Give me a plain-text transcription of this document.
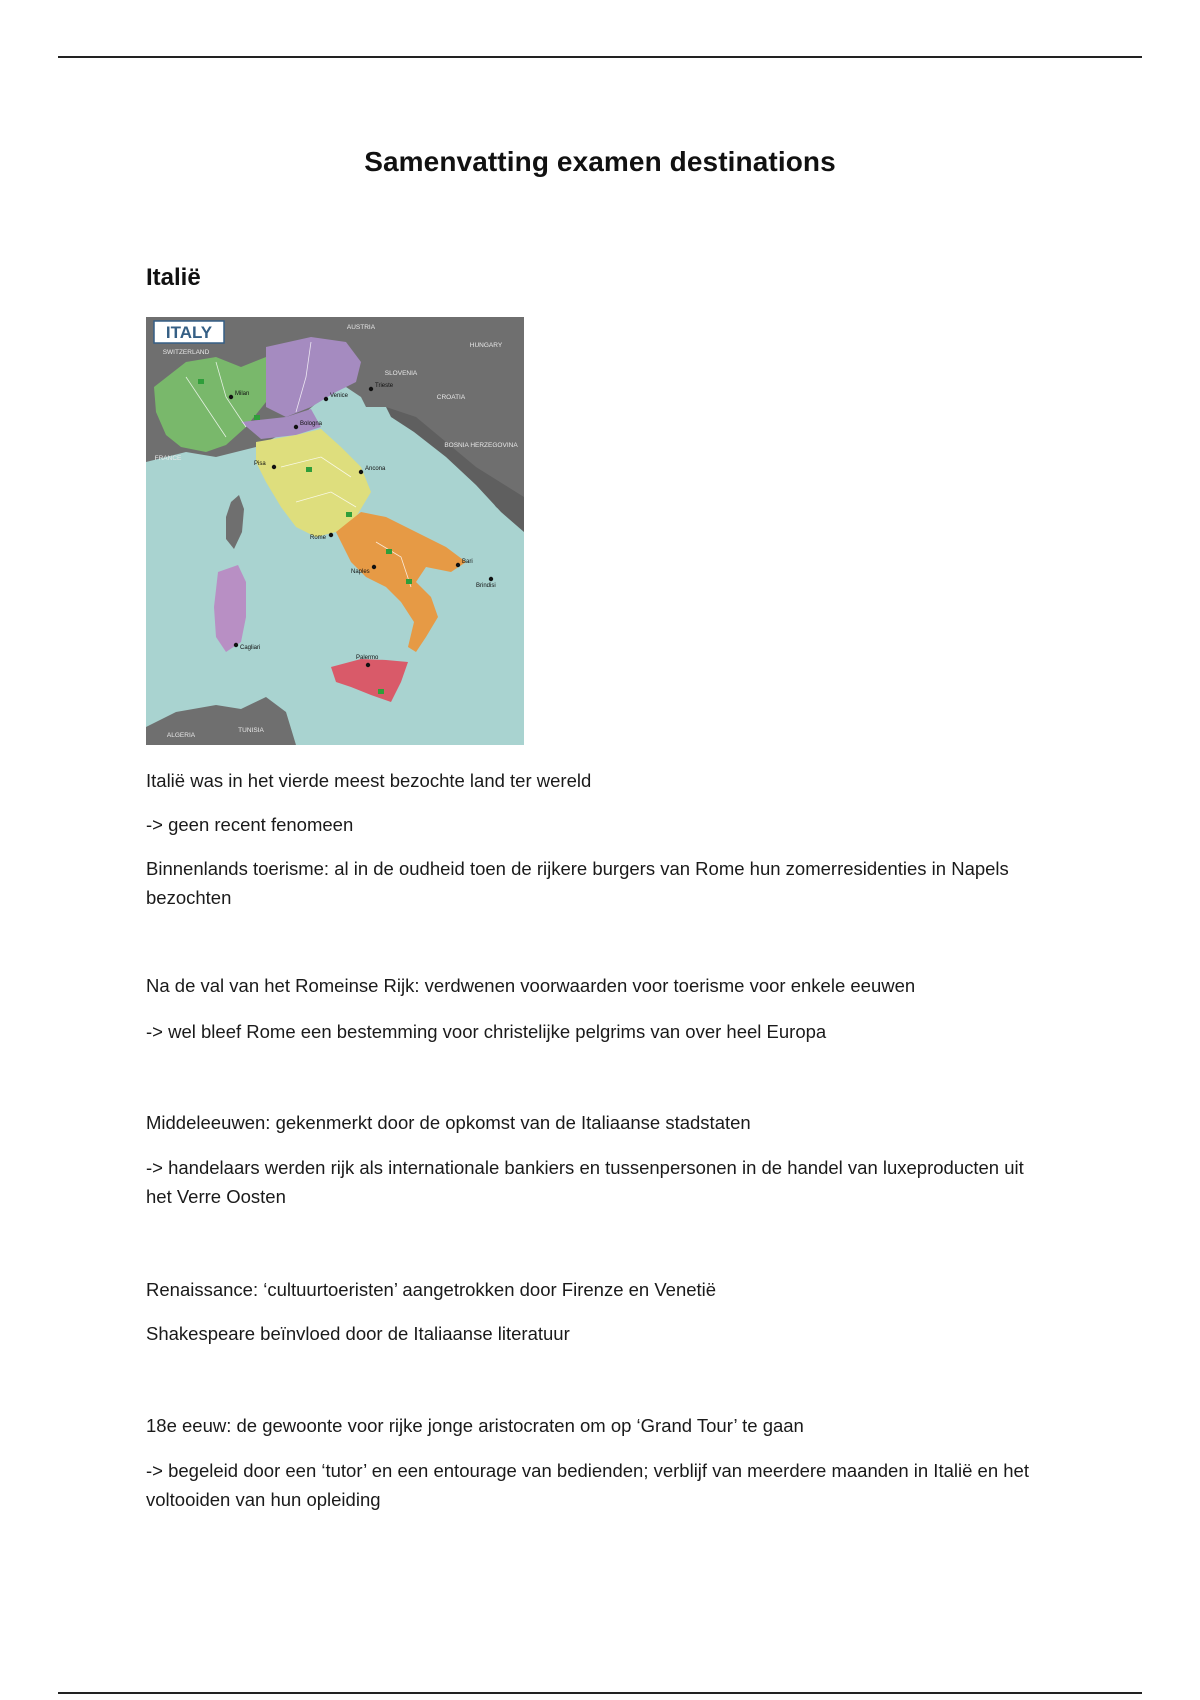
Samenvatting examen destinations
Italië
ITALY	AUSTRIA
SWITZERLAND
HUNGARY
SLOVENIA
CROATIA
BOSNIA HERZEGOVINA
FRANCE
ALGERIA
TUNISIA
Milan
Trieste
Venice
Bologna
Pisa
Ancona
Rome
Naples
Bari
Brindisi
Cagliari
Palermo

Italië was in het vierde meest bezochte land ter wereld

-> geen recent fenomeen

Binnenlands toerisme: al in de oudheid toen de rijkere burgers van Rome hun zomerresidenties in Napels bezochten

Na de val van het Romeinse Rijk: verdwenen voorwaarden voor toerisme voor enkele eeuwen

-> wel bleef Rome een bestemming voor christelijke pelgrims van over heel Europa

Middeleeuwen: gekenmerkt door de opkomst van de Italiaanse stadstaten

-> handelaars werden rijk als internationale bankiers en tussenpersonen in de handel van luxeproducten uit het Verre Oosten

Renaissance: ‘cultuurtoeristen’ aangetrokken door Firenze en Venetië

Shakespeare beïnvloed door de Italiaanse literatuur

18e eeuw: de gewoonte voor rijke jonge aristocraten om op ‘Grand Tour’ te gaan

-> begeleid door een ‘tutor’ en een entourage van bedienden; verblijf van meerdere maanden in Italië en het voltooiden van hun opleiding
